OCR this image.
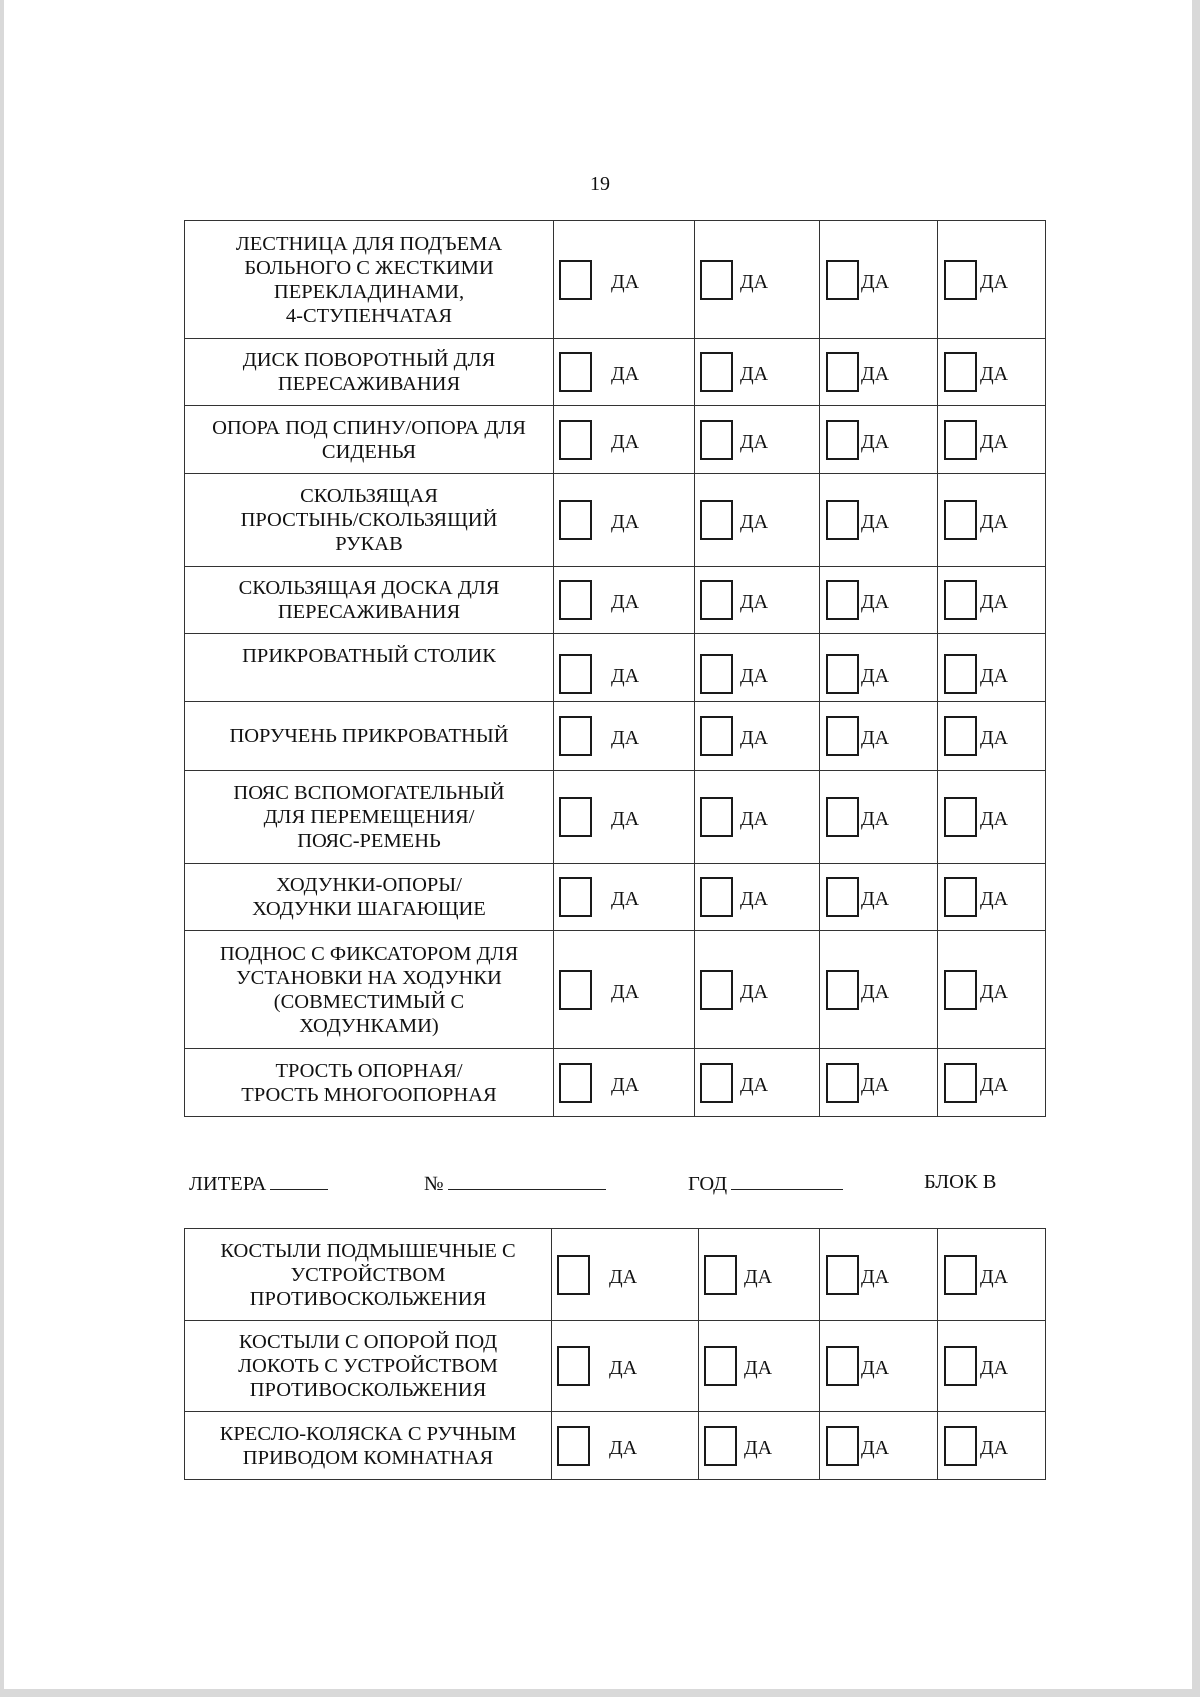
19
ЛЕСТНИЦА ДЛЯ ПОДЪЕМА
БОЛЬНОГО С ЖЕСТКИМИ
ПЕРЕКЛАДИНАМИ,
4-СТУПЕНЧАТАЯ	ДА	ДА	ДА	ДА

ДИСК ПОВОРОТНЫЙ ДЛЯ
ПЕРЕСАЖИВАНИЯ	ДА	ДА	ДА	ДА

ОПОРА ПОД СПИНУ/ОПОРА ДЛЯ
СИДЕНЬЯ	ДА	ДА	ДА	ДА

СКОЛЬЗЯЩАЯ
ПРОСТЫНЬ/СКОЛЬЗЯЩИЙ
РУКАВ	ДА	ДА	ДА	ДА

СКОЛЬЗЯЩАЯ ДОСКА ДЛЯ
ПЕРЕСАЖИВАНИЯ	ДА	ДА	ДА	ДА

ПРИКРОВАТНЫЙ СТОЛИК	ДА	ДА	ДА	ДА

ПОРУЧЕНЬ ПРИКРОВАТНЫЙ	ДА	ДА	ДА	ДА

ПОЯС ВСПОМОГАТЕЛЬНЫЙ
ДЛЯ ПЕРЕМЕЩЕНИЯ/
ПОЯС-РЕМЕНЬ	ДА	ДА	ДА	ДА

ХОДУНКИ-ОПОРЫ/
ХОДУНКИ ШАГАЮЩИЕ	ДА	ДА	ДА	ДА

ПОДНОС С ФИКСАТОРОМ ДЛЯ
УСТАНОВКИ НА ХОДУНКИ
(СОВМЕСТИМЫЙ С
ХОДУНКАМИ)	ДА	ДА	ДА	ДА

ТРОСТЬ ОПОРНАЯ/
ТРОСТЬ МНОГООПОРНАЯ	ДА	ДА	ДА	ДА
ЛИТЕРА	№	ГОД	БЛОК В
КОСТЫЛИ ПОДМЫШЕЧНЫЕ С
УСТРОЙСТВОМ
ПРОТИВОСКОЛЬЖЕНИЯ	ДА	ДА	ДА	ДА

КОСТЫЛИ С ОПОРОЙ ПОД
ЛОКОТЬ С УСТРОЙСТВОМ
ПРОТИВОСКОЛЬЖЕНИЯ	ДА	ДА	ДА	ДА

КРЕСЛО-КОЛЯСКА С РУЧНЫМ
ПРИВОДОМ КОМНАТНАЯ	ДА	ДА	ДА	ДА
